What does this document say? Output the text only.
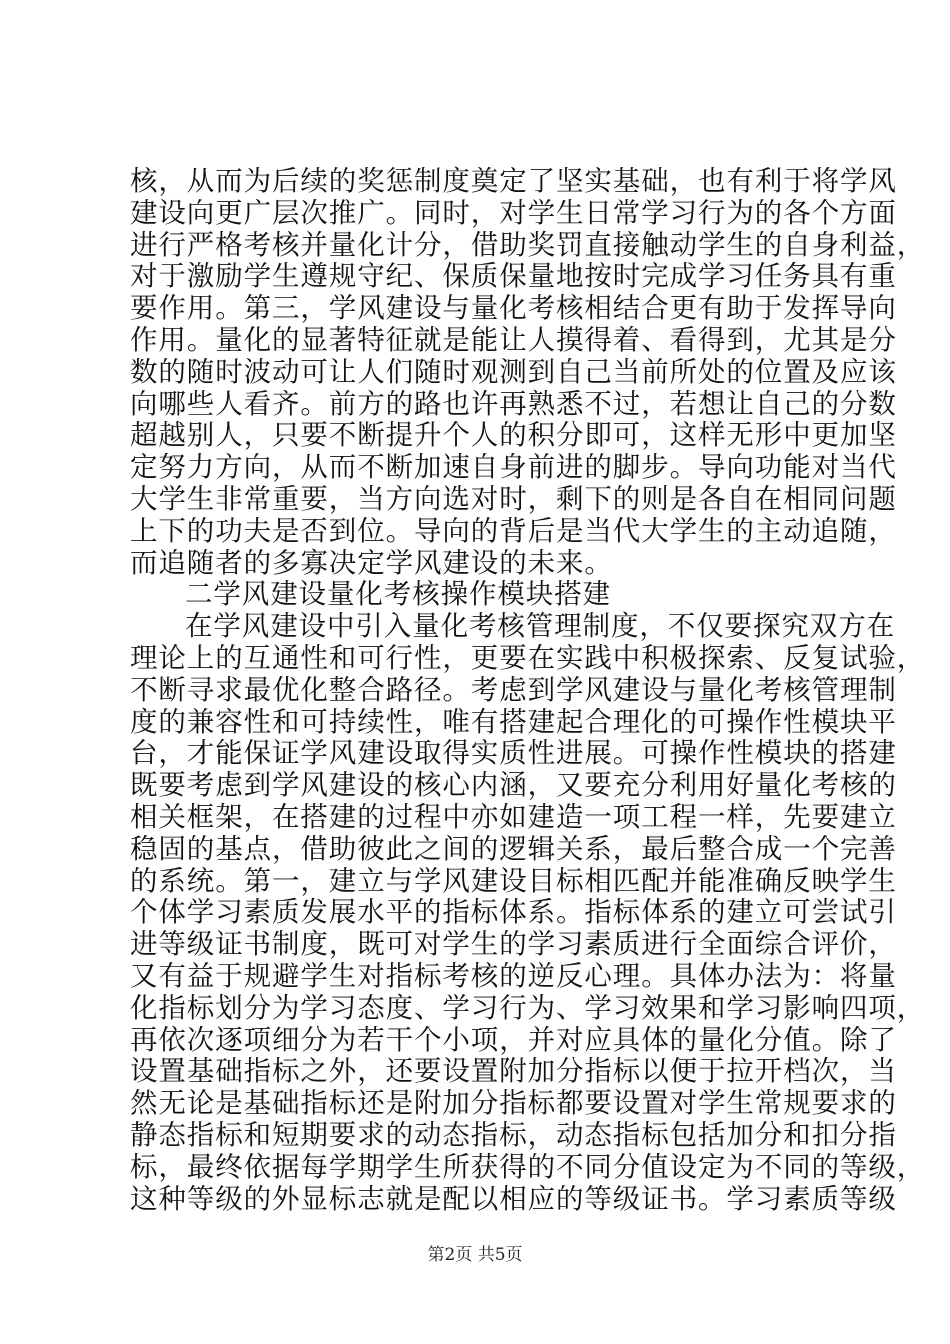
核，从而为后续的奖惩制度奠定了坚实基础，也有利于将学风
建设向更广层次推广。同时，对学生日常学习行为的各个方面
进行严格考核并量化计分，借助奖罚直接触动学生的自身利益，
对于激励学生遵规守纪、保质保量地按时完成学习任务具有重
要作用。第三，学风建设与量化考核相结合更有助于发挥导向
作用。量化的显著特征就是能让人摸得着、看得到，尤其是分
数的随时波动可让人们随时观测到自己当前所处的位置及应该
向哪些人看齐。前方的路也许再熟悉不过，若想让自己的分数
超越别人，只要不断提升个人的积分即可，这样无形中更加坚
定努力方向，从而不断加速自身前进的脚步。导向功能对当代
大学生非常重要，当方向选对时，剩下的则是各自在相同问题
上下的功夫是否到位。导向的背后是当代大学生的主动追随，
而追随者的多寡决定学风建设的未来。
二学风建设量化考核操作模块搭建
在学风建设中引入量化考核管理制度，不仅要探究双方在
理论上的互通性和可行性，更要在实践中积极探索、反复试验，
不断寻求最优化整合路径。考虑到学风建设与量化考核管理制
度的兼容性和可持续性，唯有搭建起合理化的可操作性模块平
台，才能保证学风建设取得实质性进展。可操作性模块的搭建
既要考虑到学风建设的核心内涵，又要充分利用好量化考核的
相关框架，在搭建的过程中亦如建造一项工程一样，先要建立
稳固的基点，借助彼此之间的逻辑关系，最后整合成一个完善
的系统。第一，建立与学风建设目标相匹配并能准确反映学生
个体学习素质发展水平的指标体系。指标体系的建立可尝试引
进等级证书制度，既可对学生的学习素质进行全面综合评价，
又有益于规避学生对指标考核的逆反心理。具体办法为：将量
化指标划分为学习态度、学习行为、学习效果和学习影响四项，
再依次逐项细分为若干个小项，并对应具体的量化分值。除了
设置基础指标之外，还要设置附加分指标以便于拉开档次，当
然无论是基础指标还是附加分指标都要设置对学生常规要求的
静态指标和短期要求的动态指标，动态指标包括加分和扣分指
标，最终依据每学期学生所获得的不同分值设定为不同的等级，
这种等级的外显标志就是配以相应的等级证书。学习素质等级
第2页 共5页
